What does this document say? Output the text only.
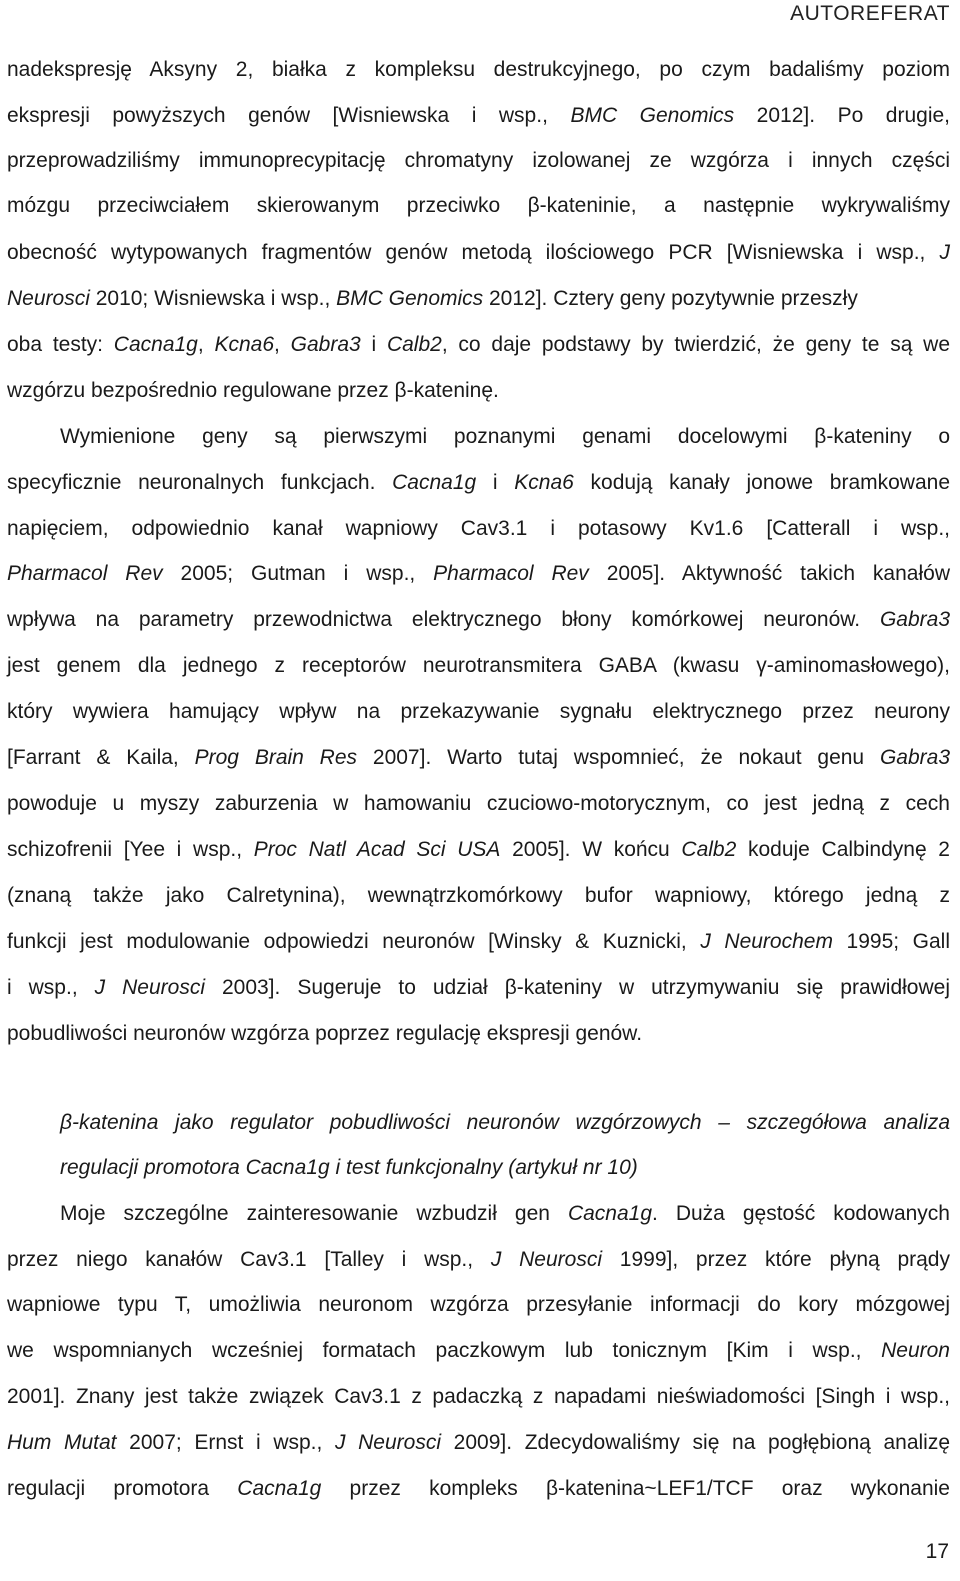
AUTOREFERAT
nadekspresję Aksyny 2, białka z kompleksu destrukcyjnego, po czym badaliśmy poziom
ekspresji powyższych genów [Wisniewska i wsp., BMC Genomics 2012]. Po drugie,
przeprowadziliśmy immunoprecypitację chromatyny izolowanej ze wzgórza i innych części
mózgu przeciwciałem skierowanym przeciwko β-kateninie, a następnie wykrywaliśmy
obecność wytypowanych fragmentów genów metodą ilościowego PCR [Wisniewska i wsp., J
Neurosci 2010; Wisniewska i wsp., BMC Genomics 2012]. Cztery geny pozytywnie przeszły
oba testy: Cacna1g, Kcna6, Gabra3 i Calb2, co daje podstawy by twierdzić, że geny te są we
wzgórzu bezpośrednio regulowane przez β-kateninę.
Wymienione geny są pierwszymi poznanymi genami docelowymi β-kateniny o
specyficznie neuronalnych funkcjach. Cacna1g i Kcna6 kodują kanały jonowe bramkowane
napięciem, odpowiednio kanał wapniowy Cav3.1 i potasowy Kv1.6 [Catterall i wsp.,
Pharmacol Rev 2005; Gutman i wsp., Pharmacol Rev 2005]. Aktywność takich kanałów
wpływa na parametry przewodnictwa elektrycznego błony komórkowej neuronów. Gabra3
jest genem dla jednego z receptorów neurotransmitera GABA (kwasu γ-aminomasłowego),
który wywiera hamujący wpływ na przekazywanie sygnału elektrycznego przez neurony
[Farrant & Kaila, Prog Brain Res 2007]. Warto tutaj wspomnieć, że nokaut genu Gabra3
powoduje u myszy zaburzenia w hamowaniu czuciowo-motorycznym, co jest jedną z cech
schizofrenii [Yee i wsp., Proc Natl Acad Sci USA 2005]. W końcu Calb2 koduje Calbindynę 2
(znaną także jako Calretynina), wewnątrzkomórkowy bufor wapniowy, którego jedną z
funkcji jest modulowanie odpowiedzi neuronów [Winsky & Kuznicki, J Neurochem 1995; Gall
i wsp., J Neurosci 2003]. Sugeruje to udział β-kateniny w utrzymywaniu się prawidłowej
pobudliwości neuronów wzgórza poprzez regulację ekspresji genów.
β-katenina jako regulator pobudliwości neuronów wzgórzowych – szczegółowa analiza
regulacji promotora Cacna1g i test funkcjonalny (artykuł nr 10)
Moje szczególne zainteresowanie wzbudził gen Cacna1g. Duża gęstość kodowanych
przez niego kanałów Cav3.1 [Talley i wsp., J Neurosci 1999], przez które płyną prądy
wapniowe typu T, umożliwia neuronom wzgórza przesyłanie informacji do kory mózgowej
we wspomnianych wcześniej formatach paczkowym lub tonicznym [Kim i wsp., Neuron
2001]. Znany jest także związek Cav3.1 z padaczką z napadami nieświadomości [Singh i wsp.,
Hum Mutat 2007; Ernst i wsp., J Neurosci 2009]. Zdecydowaliśmy się na pogłębioną analizę
regulacji promotora Cacna1g przez kompleks β-katenina~LEF1/TCF oraz wykonanie
17
